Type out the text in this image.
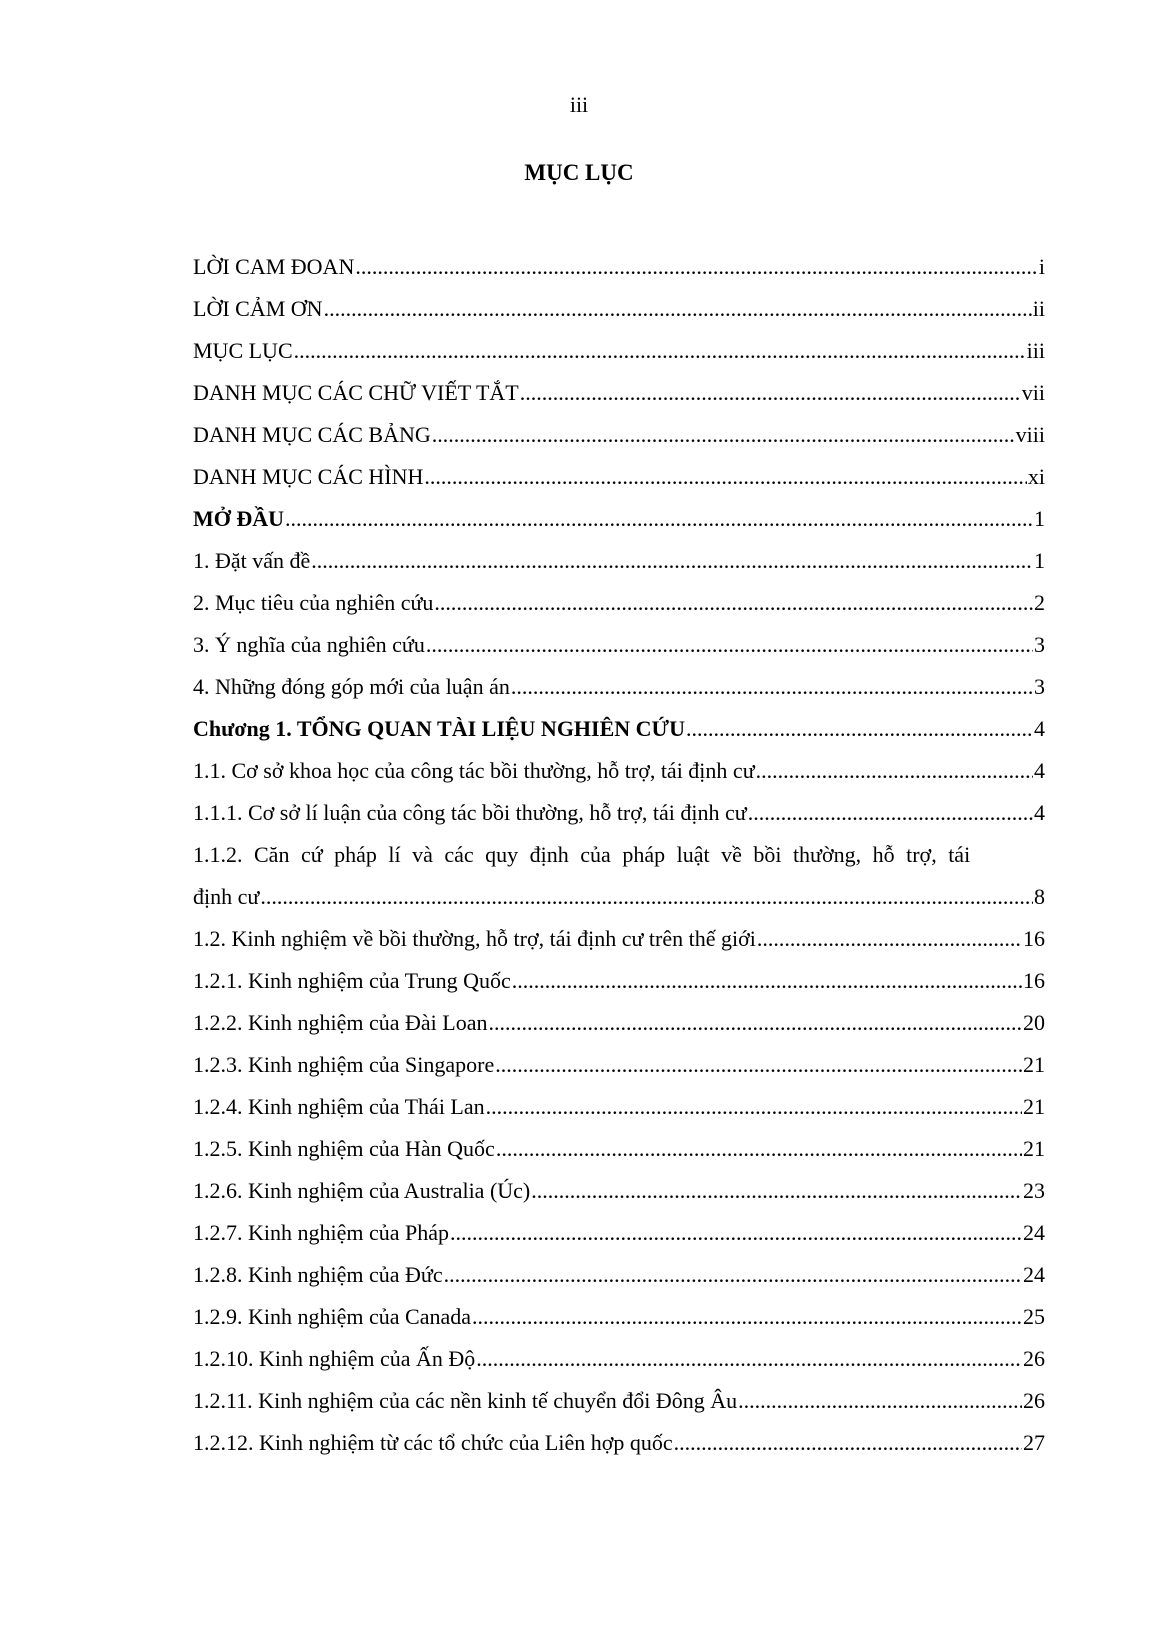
iii
MỤC LỤC
LỜI CAM ĐOAN .....	i
LỜI CẢM ƠN .....	ii
MỤC LỤC .....	iii
DANH MỤC CÁC CHỮ VIẾT TẮT .....	vii
DANH MỤC CÁC BẢNG .....	viii
DANH MỤC CÁC HÌNH .....	xi
MỞ ĐẦU .....	1
1. Đặt vấn đề .....	1
2. Mục tiêu của nghiên cứu .....	2
3. Ý nghĩa của nghiên cứu .....	3
4. Những đóng góp mới của luận án .....	3
Chương 1. TỔNG QUAN TÀI LIỆU NGHIÊN CỨU .....	4
1.1. Cơ sở khoa học của công tác bồi thường, hỗ trợ, tái định cư .....	4
1.1.1. Cơ sở lí luận của công tác bồi thường, hỗ trợ, tái định cư .....	4
1.1.2. Căn cứ pháp lí và các quy định của pháp luật về bồi thường, hỗ trợ, tái
định cư .....	8
1.2. Kinh nghiệm về bồi thường, hỗ trợ, tái định cư trên thế giới .....	16
1.2.1. Kinh nghiệm của Trung Quốc .....	16
1.2.2. Kinh nghiệm của Đài Loan .....	20
1.2.3. Kinh nghiệm của Singapore .....	21
1.2.4. Kinh nghiệm của Thái Lan .....	21
1.2.5. Kinh nghiệm của Hàn Quốc .....	21
1.2.6. Kinh nghiệm của Australia (Úc) .....	23
1.2.7. Kinh nghiệm của Pháp .....	24
1.2.8. Kinh nghiệm của Đức .....	24
1.2.9. Kinh nghiệm của Canada .....	25
1.2.10. Kinh nghiệm của Ấn Độ .....	26
1.2.11. Kinh nghiệm của các nền kinh tế chuyển đổi Đông Âu .....	26
1.2.12. Kinh nghiệm từ các tổ chức của Liên hợp quốc .....	27
